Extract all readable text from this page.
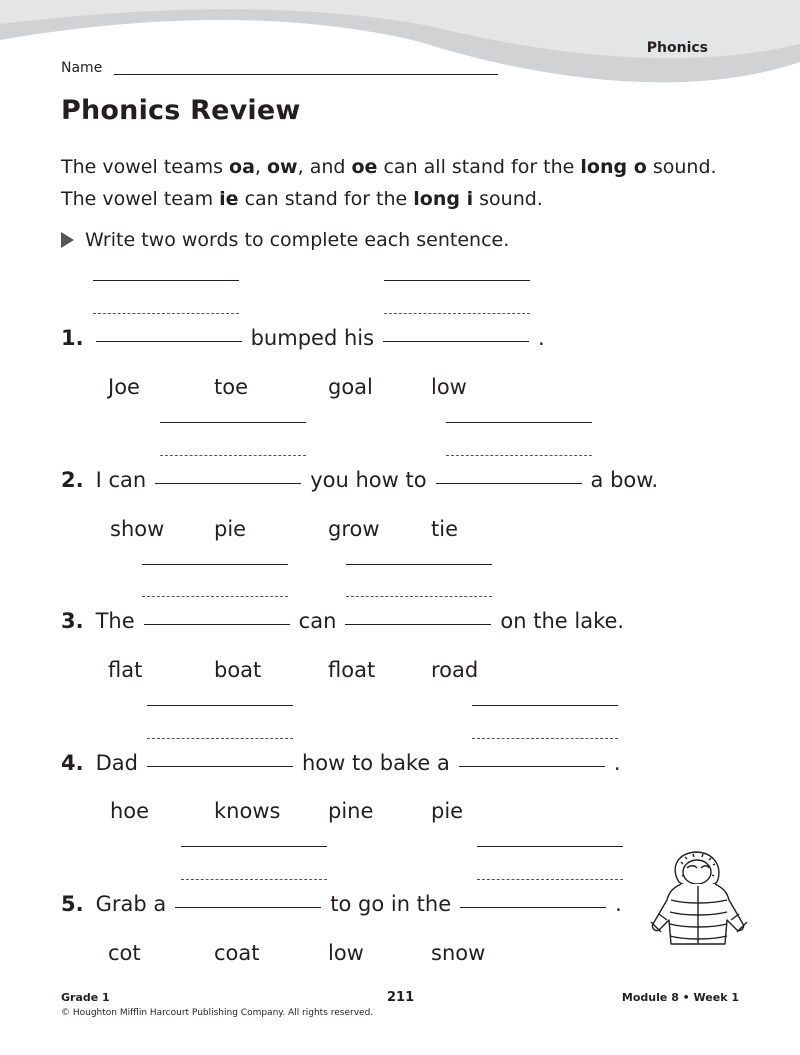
Phonics
Name
Phonics Review
The vowel teams oa, ow, and oe can all stand for the long o sound. The vowel team ie can stand for the long i sound.
Write two words to complete each sentence.
1.	bumped his	.
Joe	toe	goal	low
2. I can	you how to	a bow.
show pie	grow tie
3. The	can	on the lake.
flat	boat	float	road
4. Dad	how to bake a	.
hoe	knows pine	pie
5. Grab a	to go in the	.
cot	coat	low	snow
Grade 1	211	Module 8 • Week 1
© Houghton Mifflin Harcourt Publishing Company. All rights reserved.
